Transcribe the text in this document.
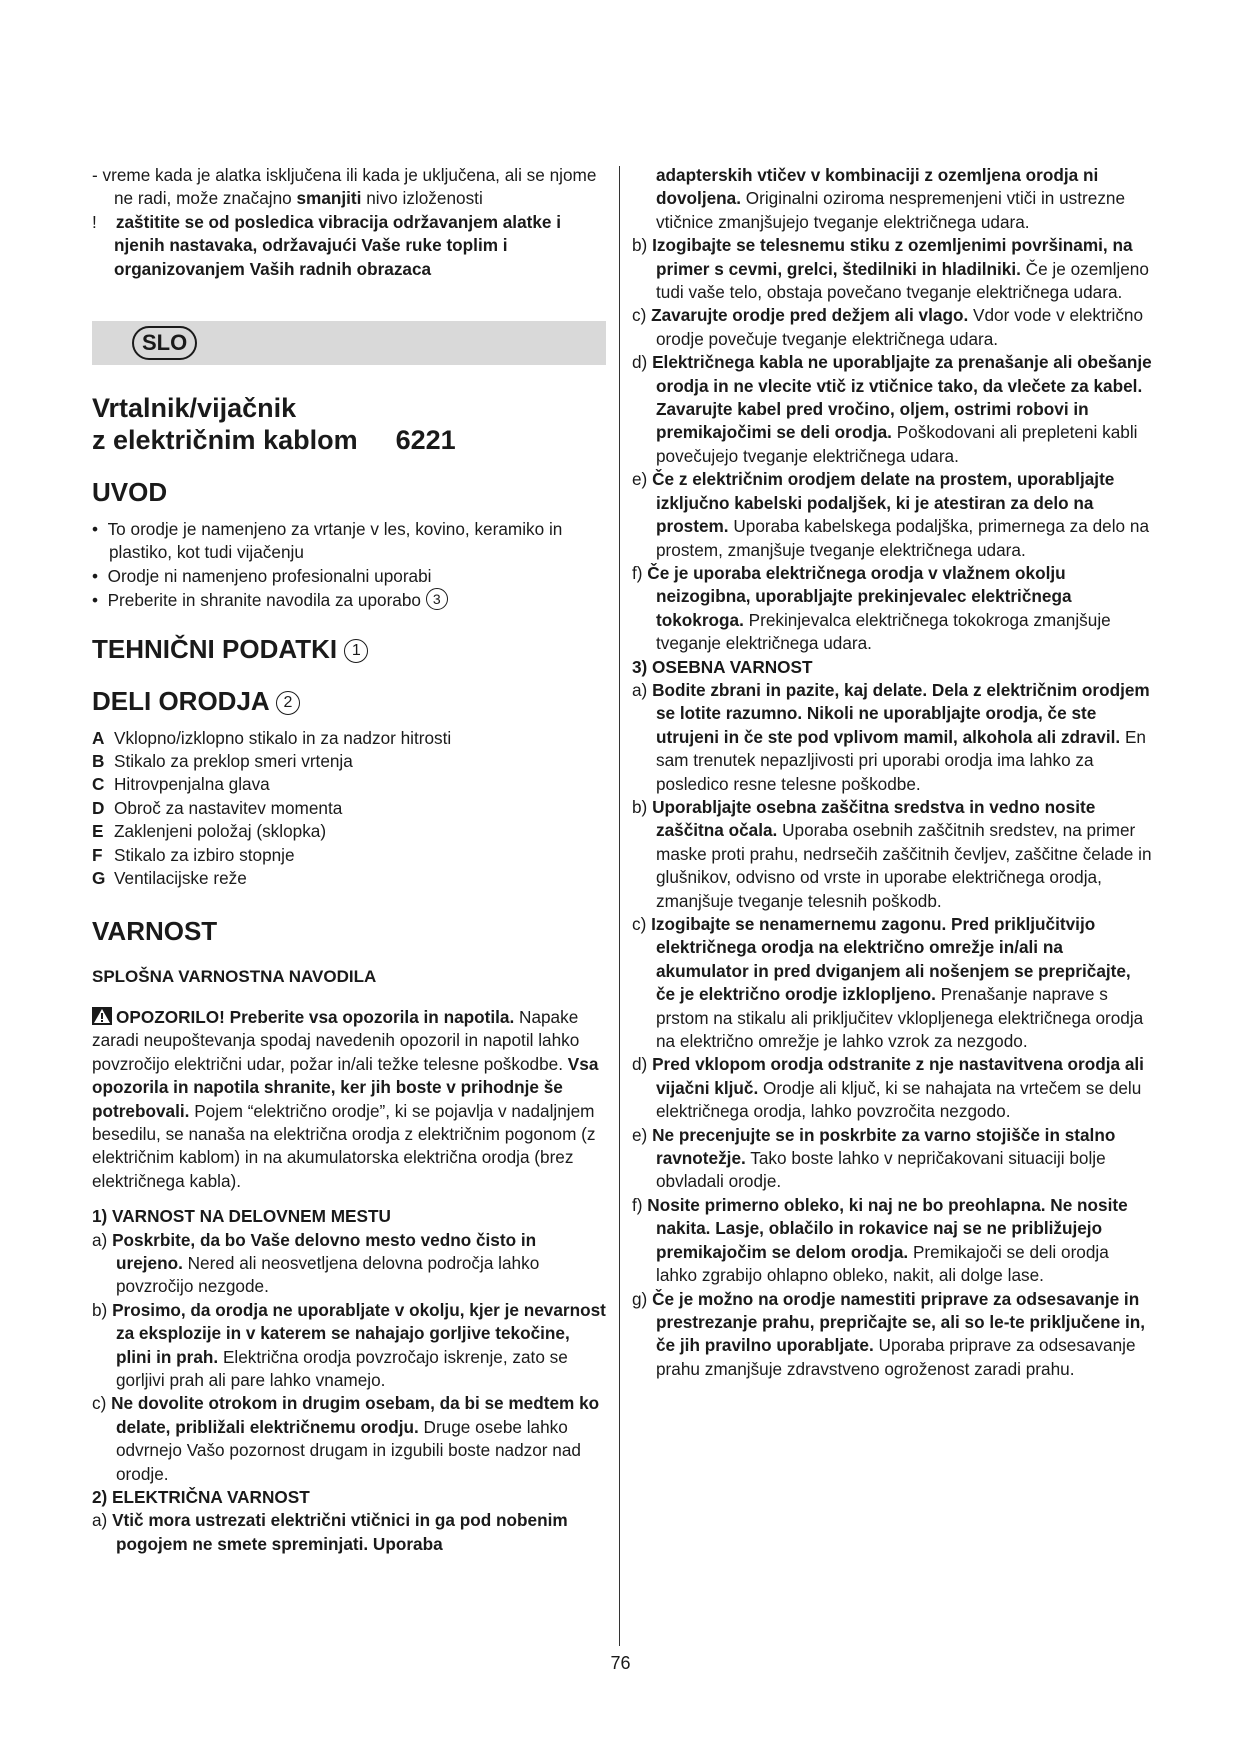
- vreme kada je alatka isključena ili kada je uključena, ali se njome ne radi, može značajno smanjiti nivo izloženosti

! zaštitite se od posledica vibracija održavanjem alatke i njenih nastavaka, održavajući Vaše ruke toplim i organizovanjem Vaših radnih obrazaca

SLO
Vrtalnik/vijačnik
z električnim kablom 6221
UVOD

•  To orodje je namenjeno za vrtanje v les, kovino, keramiko in plastiko, kot tudi vijačenju

•  Orodje ni namenjeno profesionalni uporabi

•  Preberite in shranite navodila za uporabo 3

TEHNIČNI PODATKI 1
DELI ORODJA 2
A Vklopno/izklopno stikalo in za nadzor hitrosti
B Stikalo za preklop smeri vrtenja
C Hitrovpenjalna glava
D Obroč za nastavitev momenta
E Zaklenjeni položaj (sklopka)
F Stikalo za izbiro stopnje
G Ventilacijske reže
VARNOST
SPLOŠNA VARNOSTNA NAVODILA

OPOZORILO! Preberite vsa opozorila in napotila. Napake zaradi neupoštevanja spodaj navedenih opozoril in napotil lahko povzročijo električni udar, požar in/ali težke telesne poškodbe. Vsa opozorila in napotila shranite, ker jih boste v prihodnje še potrebovali. Pojem “električno orodje”, ki se pojavlja v nadaljnjem besedilu, se nanaša na električna orodja z električnim pogonom (z električnim kablom) in na akumulatorska električna orodja (brez električnega kabla).

1) VARNOST NA DELOVNEM MESTU

a) Poskrbite, da bo Vaše delovno mesto vedno čisto in urejeno. Nered ali neosvetljena delovna področja lahko povzročijo nezgode.

b) Prosimo, da orodja ne uporabljate v okolju, kjer je nevarnost za eksplozije in v katerem se nahajajo gorljive tekočine, plini in prah. Električna orodja povzročajo iskrenje, zato se gorljivi prah ali pare lahko vnamejo.

c) Ne dovolite otrokom in drugim osebam, da bi se medtem ko delate, približali električnemu orodju. Druge osebe lahko odvrnejo Vašo pozornost drugam in izgubili boste nadzor nad orodje.

2) ELEKTRIČNA VARNOST

a) Vtič mora ustrezati električni vtičnici in ga pod nobenim pogojem ne smete spreminjati. Uporaba

adapterskih vtičev v kombinaciji z ozemljena orodja ni dovoljena. Originalni oziroma nespremenjeni vtiči in ustrezne vtičnice zmanjšujejo tveganje električnega udara.

b) Izogibajte se telesnemu stiku z ozemljenimi površinami, na primer s cevmi, grelci, štedilniki in hladilniki. Če je ozemljeno tudi vaše telo, obstaja povečano tveganje električnega udara.

c) Zavarujte orodje pred dežjem ali vlago. Vdor vode v električno orodje povečuje tveganje električnega udara.

d) Električnega kabla ne uporabljajte za prenašanje ali obešanje orodja in ne vlecite vtič iz vtičnice tako, da vlečete za kabel. Zavarujte kabel pred vročino, oljem, ostrimi robovi in premikajočimi se deli orodja. Poškodovani ali prepleteni kabli povečujejo tveganje električnega udara.

e) Če z električnim orodjem delate na prostem, uporabljajte izključno kabelski podaljšek, ki je atestiran za delo na prostem. Uporaba kabelskega podaljška, primernega za delo na prostem, zmanjšuje tveganje električnega udara.

f) Če je uporaba električnega orodja v vlažnem okolju neizogibna, uporabljajte prekinjevalec električnega tokokroga. Prekinjevalca električnega tokokroga zmanjšuje tveganje električnega udara.

3) OSEBNA VARNOST

a) Bodite zbrani in pazite, kaj delate. Dela z električnim orodjem se lotite razumno. Nikoli ne uporabljajte orodja, če ste utrujeni in če ste pod vplivom mamil, alkohola ali zdravil. En sam trenutek nepazljivosti pri uporabi orodja ima lahko za posledico resne telesne poškodbe.

b) Uporabljajte osebna zaščitna sredstva in vedno nosite zaščitna očala. Uporaba osebnih zaščitnih sredstev, na primer maske proti prahu, nedrsečih zaščitnih čevljev, zaščitne čelade in glušnikov, odvisno od vrste in uporabe električnega orodja, zmanjšuje tveganje telesnih poškodb.

c) Izogibajte se nenamernemu zagonu. Pred priključitvijo električnega orodja na električno omrežje in/ali na akumulator in pred dviganjem ali nošenjem se prepričajte, če je električno orodje izklopljeno. Prenašanje naprave s prstom na stikalu ali priključitev vklopljenega električnega orodja na električno omrežje je lahko vzrok za nezgodo.

d) Pred vklopom orodja odstranite z nje nastavitvena orodja ali vijačni ključ. Orodje ali ključ, ki se nahajata na vrtečem se delu električnega orodja, lahko povzročita nezgodo.

e) Ne precenjujte se in poskrbite za varno stojišče in stalno ravnotežje. Tako boste lahko v nepričakovani situaciji bolje obvladali orodje.

f) Nosite primerno obleko, ki naj ne bo preohlapna. Ne nosite nakita. Lasje, oblačilo in rokavice naj se ne približujejo premikajočim se delom orodja. Premikajoči se deli orodja lahko zgrabijo ohlapno obleko, nakit, ali dolge lase.

g) Če je možno na orodje namestiti priprave za odsesavanje in prestrezanje prahu, prepričajte se, ali so le-te priključene in, če jih pravilno uporabljate. Uporaba priprave za odsesavanje prahu zmanjšuje zdravstveno ogroženost zaradi prahu.

76
